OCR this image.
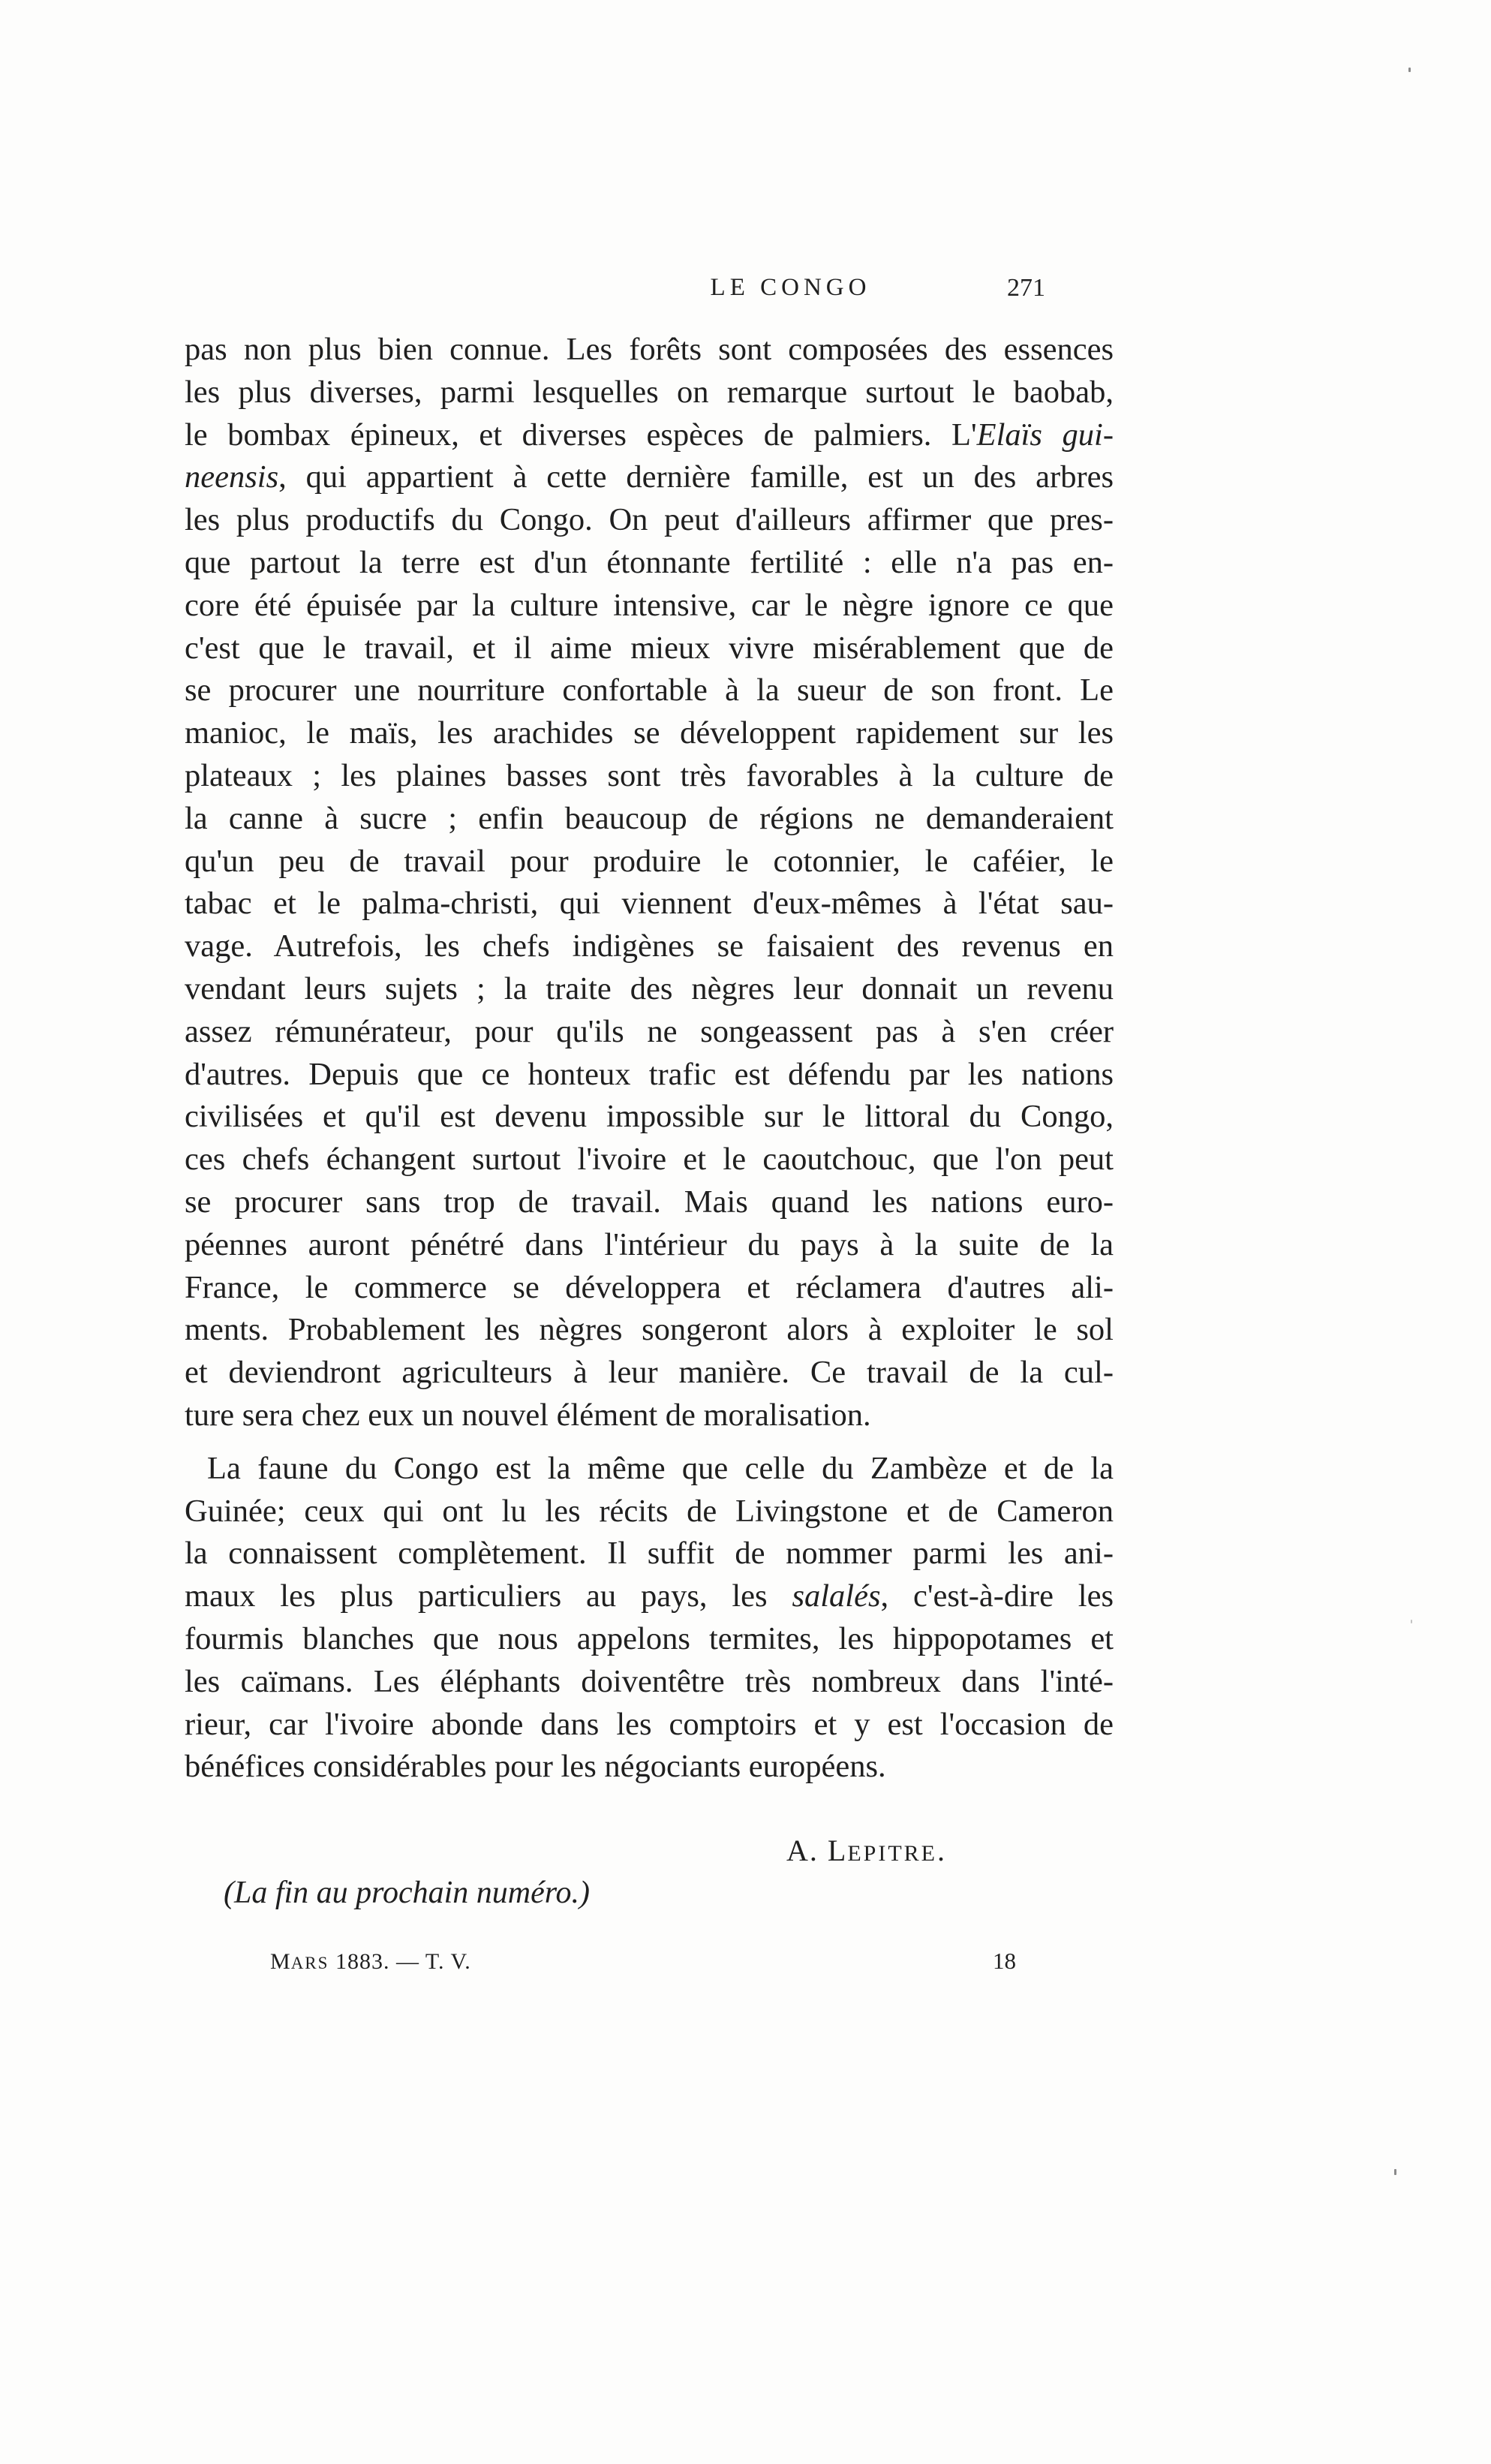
LE CONGO	271
pas non plus bien connue. Les forêts sont composées des essences
les plus diverses, parmi lesquelles on remarque surtout le baobab,
le bombax épineux, et diverses espèces de palmiers. L'Elaïs gui-
neensis, qui appartient à cette dernière famille, est un des arbres
les plus productifs du Congo. On peut d'ailleurs affirmer que pres-
que partout la terre est d'un étonnante fertilité : elle n'a pas en-
core été épuisée par la culture intensive, car le nègre ignore ce que
c'est que le travail, et il aime mieux vivre misérablement que de
se procurer une nourriture confortable à la sueur de son front. Le
manioc, le maïs, les arachides se développent rapidement sur les
plateaux ; les plaines basses sont très favorables à la culture de
la canne à sucre ; enfin beaucoup de régions ne demanderaient
qu'un peu de travail pour produire le cotonnier, le caféier, le
tabac et le palma-christi, qui viennent d'eux-mêmes à l'état sau-
vage. Autrefois, les chefs indigènes se faisaient des revenus en
vendant leurs sujets ; la traite des nègres leur donnait un revenu
assez rémunérateur, pour qu'ils ne songeassent pas à s'en créer
d'autres. Depuis que ce honteux trafic est défendu par les nations
civilisées et qu'il est devenu impossible sur le littoral du Congo,
ces chefs échangent surtout l'ivoire et le caoutchouc, que l'on peut
se procurer sans trop de travail. Mais quand les nations euro-
péennes auront pénétré dans l'intérieur du pays à la suite de la
France, le commerce se développera et réclamera d'autres ali-
ments. Probablement les nègres songeront alors à exploiter le sol
et deviendront agriculteurs à leur manière. Ce travail de la cul-
ture sera chez eux un nouvel élément de moralisation.
La faune du Congo est la même que celle du Zambèze et de la
Guinée; ceux qui ont lu les récits de Livingstone et de Cameron
la connaissent complètement. Il suffit de nommer parmi les ani-
maux les plus particuliers au pays, les salalés, c'est-à-dire les
fourmis blanches que nous appelons termites, les hippopotames et
les caïmans. Les éléphants doiventêtre très nombreux dans l'inté-
rieur, car l'ivoire abonde dans les comptoirs et y est l'occasion de
bénéfices considérables pour les négociants européens.
A. LEPITRE.
(La fin au prochain numéro.)
MARS 1883. — T. V.	18
